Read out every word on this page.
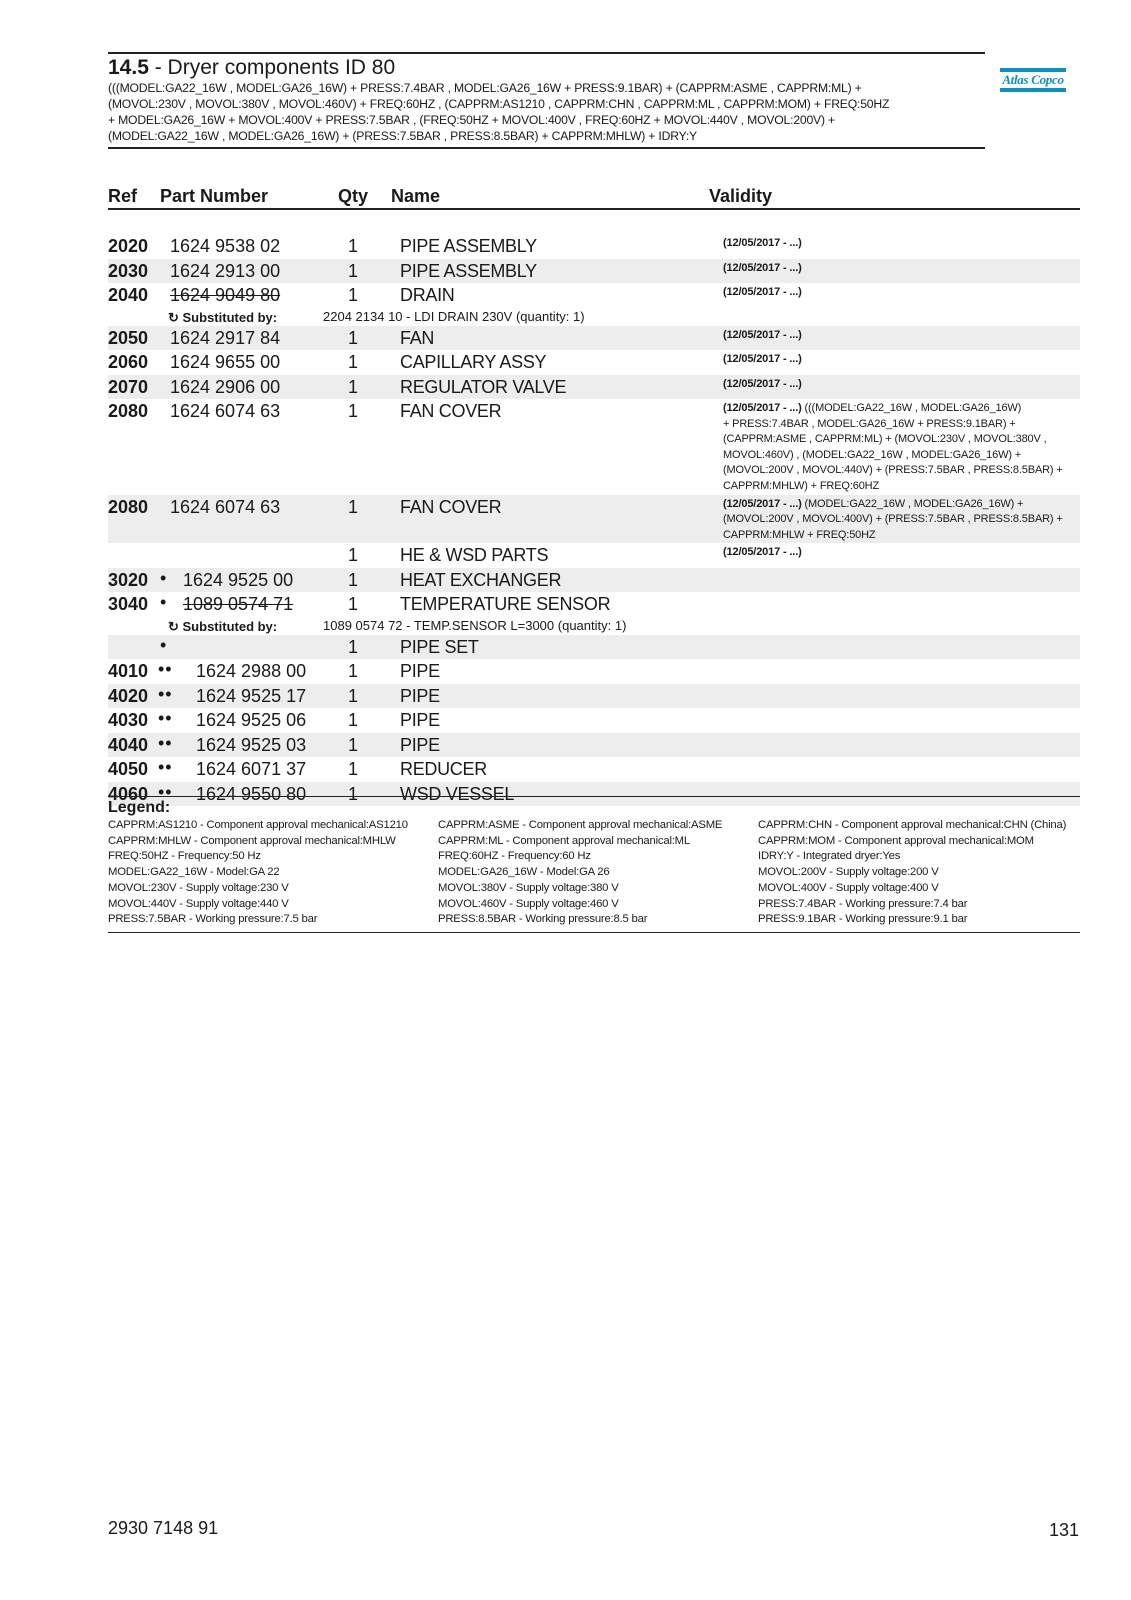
14.5 - Dryer components ID 80
(((MODEL:GA22_16W , MODEL:GA26_16W) + PRESS:7.4BAR , MODEL:GA26_16W + PRESS:9.1BAR) + (CAPPRM:ASME , CAPPRM:ML) +
(MOVOL:230V , MOVOL:380V , MOVOL:460V) + FREQ:60HZ , (CAPPRM:AS1210 , CAPPRM:CHN , CAPPRM:ML , CAPPRM:MOM) + FREQ:50HZ
+ MODEL:GA26_16W + MOVOL:400V + PRESS:7.5BAR , (FREQ:50HZ + MOVOL:400V , FREQ:60HZ + MOVOL:440V , MOVOL:200V) +
(MODEL:GA22_16W , MODEL:GA26_16W) + (PRESS:7.5BAR , PRESS:8.5BAR) + CAPPRM:MHLW) + IDRY:Y
Atlas Copco
Ref Part Number	Qty Name	Validity
2020 1624 9538 02	1 PIPE ASSEMBLY	(12/05/2017 - ...)
2030 1624 2913 00	1 PIPE ASSEMBLY	(12/05/2017 - ...)
2040 1624 9049 80	1 DRAIN	(12/05/2017 - ...)
↻ Substituted by:	2204 2134 10 - LDI DRAIN 230V (quantity: 1)
2050 1624 2917 84	1 FAN	(12/05/2017 - ...)
2060 1624 9655 00	1 CAPILLARY ASSY	(12/05/2017 - ...)
2070 1624 2906 00	1 REGULATOR VALVE	(12/05/2017 - ...)
2080 1624 6074 63	1 FAN COVER	(12/05/2017 - ...) (((MODEL:GA22_16W , MODEL:GA26_16W)
+ PRESS:7.4BAR , MODEL:GA26_16W + PRESS:9.1BAR) +
(CAPPRM:ASME , CAPPRM:ML) + (MOVOL:230V , MOVOL:380V ,
MOVOL:460V) , (MODEL:GA22_16W , MODEL:GA26_16W) +
(MOVOL:200V , MOVOL:440V) + (PRESS:7.5BAR , PRESS:8.5BAR) +
CAPPRM:MHLW) + FREQ:60HZ
2080 1624 6074 63	1 FAN COVER	(12/05/2017 - ...) (MODEL:GA22_16W , MODEL:GA26_16W) +
(MOVOL:200V , MOVOL:400V) + (PRESS:7.5BAR , PRESS:8.5BAR) +
CAPPRM:MHLW + FREQ:50HZ
1 HE & WSD PARTS	(12/05/2017 - ...)
3020 • 1624 9525 00	1 HEAT EXCHANGER
3040 • 1089 0574 71	1 TEMPERATURE SENSOR
↻ Substituted by:	1089 0574 72 - TEMP.SENSOR L=3000 (quantity: 1)
•	1 PIPE SET
4010 •• 1624 2988 00 1 PIPE
4020 •• 1624 9525 17 1 PIPE
4030 •• 1624 9525 06 1 PIPE
4040 •• 1624 9525 03 1 PIPE
4050 •• 1624 6071 37 1 REDUCER
4060 •• 1624 9550 80 1 WSD VESSEL
Legend:
CAPPRM:AS1210 - Component approval mechanical:AS1210
CAPPRM:MHLW - Component approval mechanical:MHLW
FREQ:50HZ - Frequency:50 Hz
MODEL:GA22_16W - Model:GA 22
MOVOL:230V - Supply voltage:230 V
MOVOL:440V - Supply voltage:440 V
PRESS:7.5BAR - Working pressure:7.5 bar
CAPPRM:ASME - Component approval mechanical:ASME
CAPPRM:ML - Component approval mechanical:ML
FREQ:60HZ - Frequency:60 Hz
MODEL:GA26_16W - Model:GA 26
MOVOL:380V - Supply voltage:380 V
MOVOL:460V - Supply voltage:460 V
PRESS:8.5BAR - Working pressure:8.5 bar
CAPPRM:CHN - Component approval mechanical:CHN (China)
CAPPRM:MOM - Component approval mechanical:MOM
IDRY:Y - Integrated dryer:Yes
MOVOL:200V - Supply voltage:200 V
MOVOL:400V - Supply voltage:400 V
PRESS:7.4BAR - Working pressure:7.4 bar
PRESS:9.1BAR - Working pressure:9.1 bar
2930 7148 91	131
